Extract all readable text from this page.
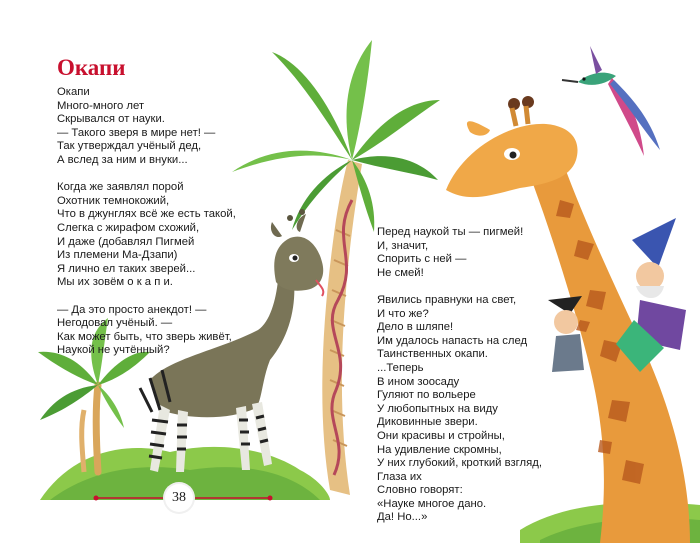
Окапи
Окапи
Много-много лет
Скрывался от науки.
— Такого зверя в мире нет! —
Так утверждал учёный дед,
А вслед за ним и внуки...
Когда же заявлял порой
Охотник темнокожий,
Что в джунглях всё же есть такой,
Слегка с жирафом схожий,
И даже (добавлял Пигмей
Из племени Ма-Дзапи)
Я лично ел таких зверей...
Мы их зовём о к а п и.
— Да это просто анекдот! —
Негодовал учёный. —
Как может быть, что зверь живёт,
Наукой не учтённый?
Перед наукой ты — пигмей!
И, значит,
Спорить с ней —
Не смей!
Явились правнуки на свет,
И что же?
Дело в шляпе!
Им удалось напасть на след
Таинственных окапи.
...Теперь
В ином зоосаду
Гуляют по вольере
У любопытных на виду
Диковинные звери.
Они красивы и стройны,
На удивление скромны,
У них глубокий, кроткий взгляд,
Глаза их
Словно говорят:
«Науке многое дано.
Да! Но...»
38
